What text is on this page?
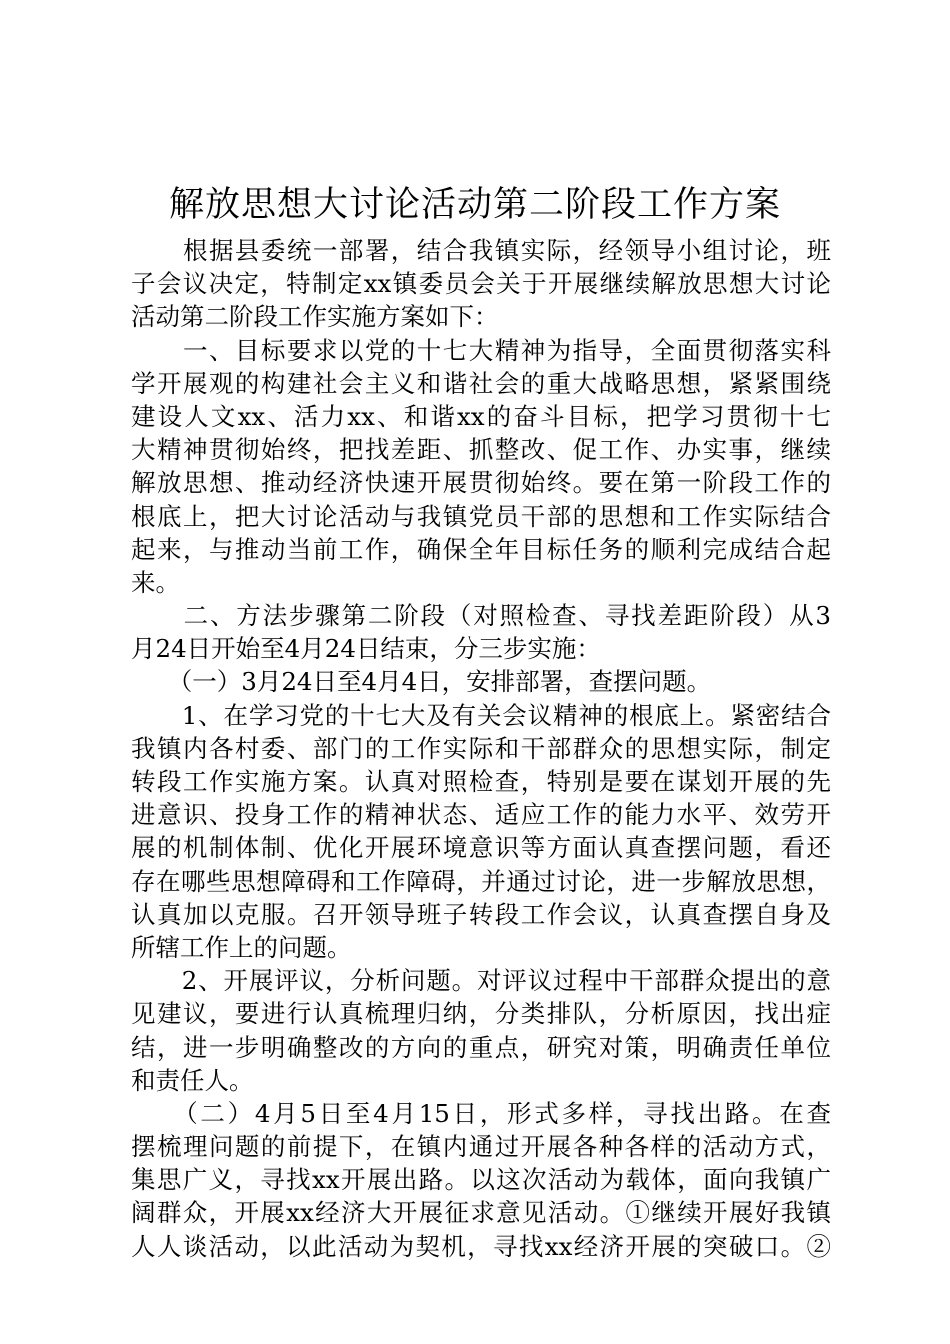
解放思想大讨论活动第二阶段工作方案
　　根据县委统一部署，结合我镇实际，经领导小组讨论，班
子会议决定，特制定xx镇委员会关于开展继续解放思想大讨论
活动第二阶段工作实施方案如下：
　　一、目标要求以党的十七大精神为指导，全面贯彻落实科
学开展观的构建社会主义和谐社会的重大战略思想，紧紧围绕
建设人文xx、活力xx、和谐xx的奋斗目标，把学习贯彻十七
大精神贯彻始终，把找差距、抓整改、促工作、办实事，继续
解放思想、推动经济快速开展贯彻始终。要在第一阶段工作的
根底上，把大讨论活动与我镇党员干部的思想和工作实际结合
起来，与推动当前工作，确保全年目标任务的顺利完成结合起
来。
　　二、方法步骤第二阶段（对照检查、寻找差距阶段）从3
月24日开始至4月24日结束，分三步实施：
　　（一）3月24日至4月4日，安排部署，查摆问题。
　　1、在学习党的十七大及有关会议精神的根底上。紧密结合
我镇内各村委、部门的工作实际和干部群众的思想实际，制定
转段工作实施方案。认真对照检查，特别是要在谋划开展的先
进意识、投身工作的精神状态、适应工作的能力水平、效劳开
展的机制体制、优化开展环境意识等方面认真查摆问题，看还
存在哪些思想障碍和工作障碍，并通过讨论，进一步解放思想，
认真加以克服。召开领导班子转段工作会议，认真查摆自身及
所辖工作上的问题。
　　2、开展评议，分析问题。对评议过程中干部群众提出的意
见建议，要进行认真梳理归纳，分类排队，分析原因，找出症
结，进一步明确整改的方向的重点，研究对策，明确责任单位
和责任人。
　　（二）4月5日至4月15日，形式多样，寻找出路。在查
摆梳理问题的前提下，在镇内通过开展各种各样的活动方式，
集思广义，寻找xx开展出路。以这次活动为载体，面向我镇广
阔群众，开展xx经济大开展征求意见活动。①继续开展好我镇
人人谈活动，以此活动为契机，寻找xx经济开展的突破口。②
